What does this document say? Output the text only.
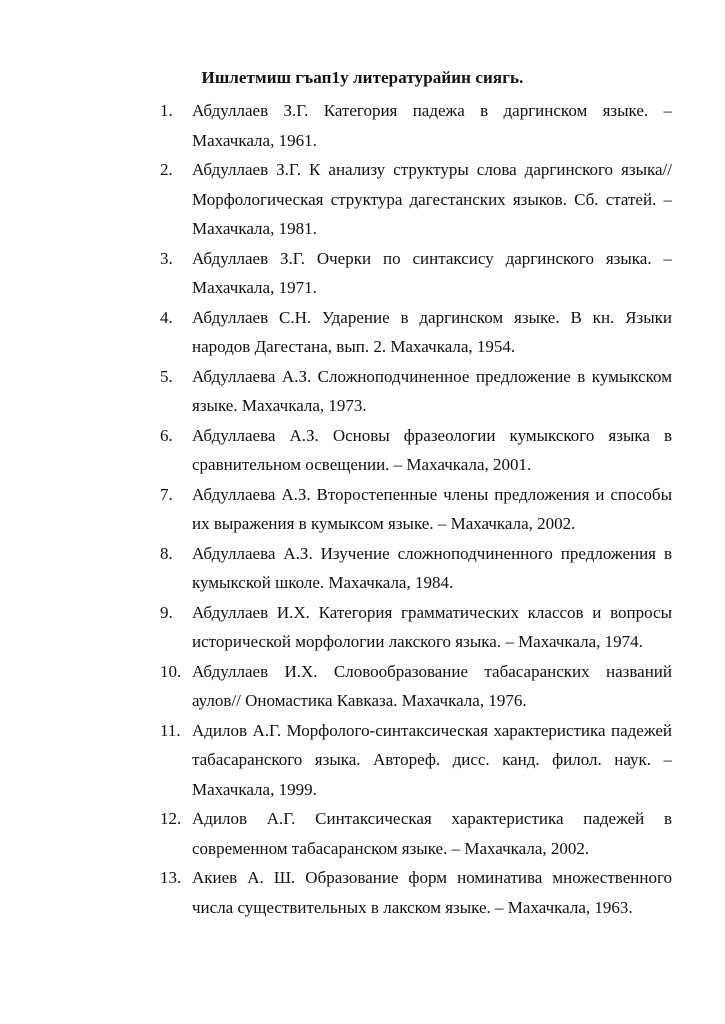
Ишлетмиш гъап1у литературайин сиягь.
1.	Абдуллаев З.Г. Категория падежа в даргинском языке. – Махачкала, 1961.
2.	Абдуллаев З.Г. К анализу структуры слова даргинского языка//Морфологическая структура дагестанских языков. Сб. статей. – Махачкала, 1981.
3.	Абдуллаев З.Г. Очерки по синтаксису даргинского языка. – Махачкала, 1971.
4.	Абдуллаев С.Н. Ударение в даргинском языке. В кн. Языки народов Дагестана, вып. 2. Махачкала, 1954.
5.	Абдуллаева А.З. Сложноподчиненное предложение в кумыкском языке. Махачкала, 1973.
6.	Абдуллаева А.З. Основы фразеологии кумыкского языка в сравнительном освещении. – Махачкала, 2001.
7.	Абдуллаева А.З. Второстепенные члены предложения и способы их выражения в кумыксом языке. – Махачкала, 2002.
8.	Абдуллаева А.З. Изучение сложноподчиненного предложения в кумыкской школе. Махачкала, 1984.
9.	Абдуллаев И.Х. Категория грамматических классов и вопросы исторической морфологии лакского языка. – Махачкала, 1974.
10. Абдуллаев И.Х. Словообразование табасаранских названий аулов// Ономастика Кавказа. Махачкала, 1976.
11. Адилов А.Г. Морфолого-синтаксическая характеристика падежей табасаранского языка. Автореф. дисс. канд. филол. наук. – Махачкала, 1999.
12. Адилов А.Г. Синтаксическая характеристика падежей в современном табасаранском языке. – Махачкала, 2002.
13. Акиев А. Ш. Образование форм номинатива множественного числа существительных в лакском языке. – Махачкала, 1963.
